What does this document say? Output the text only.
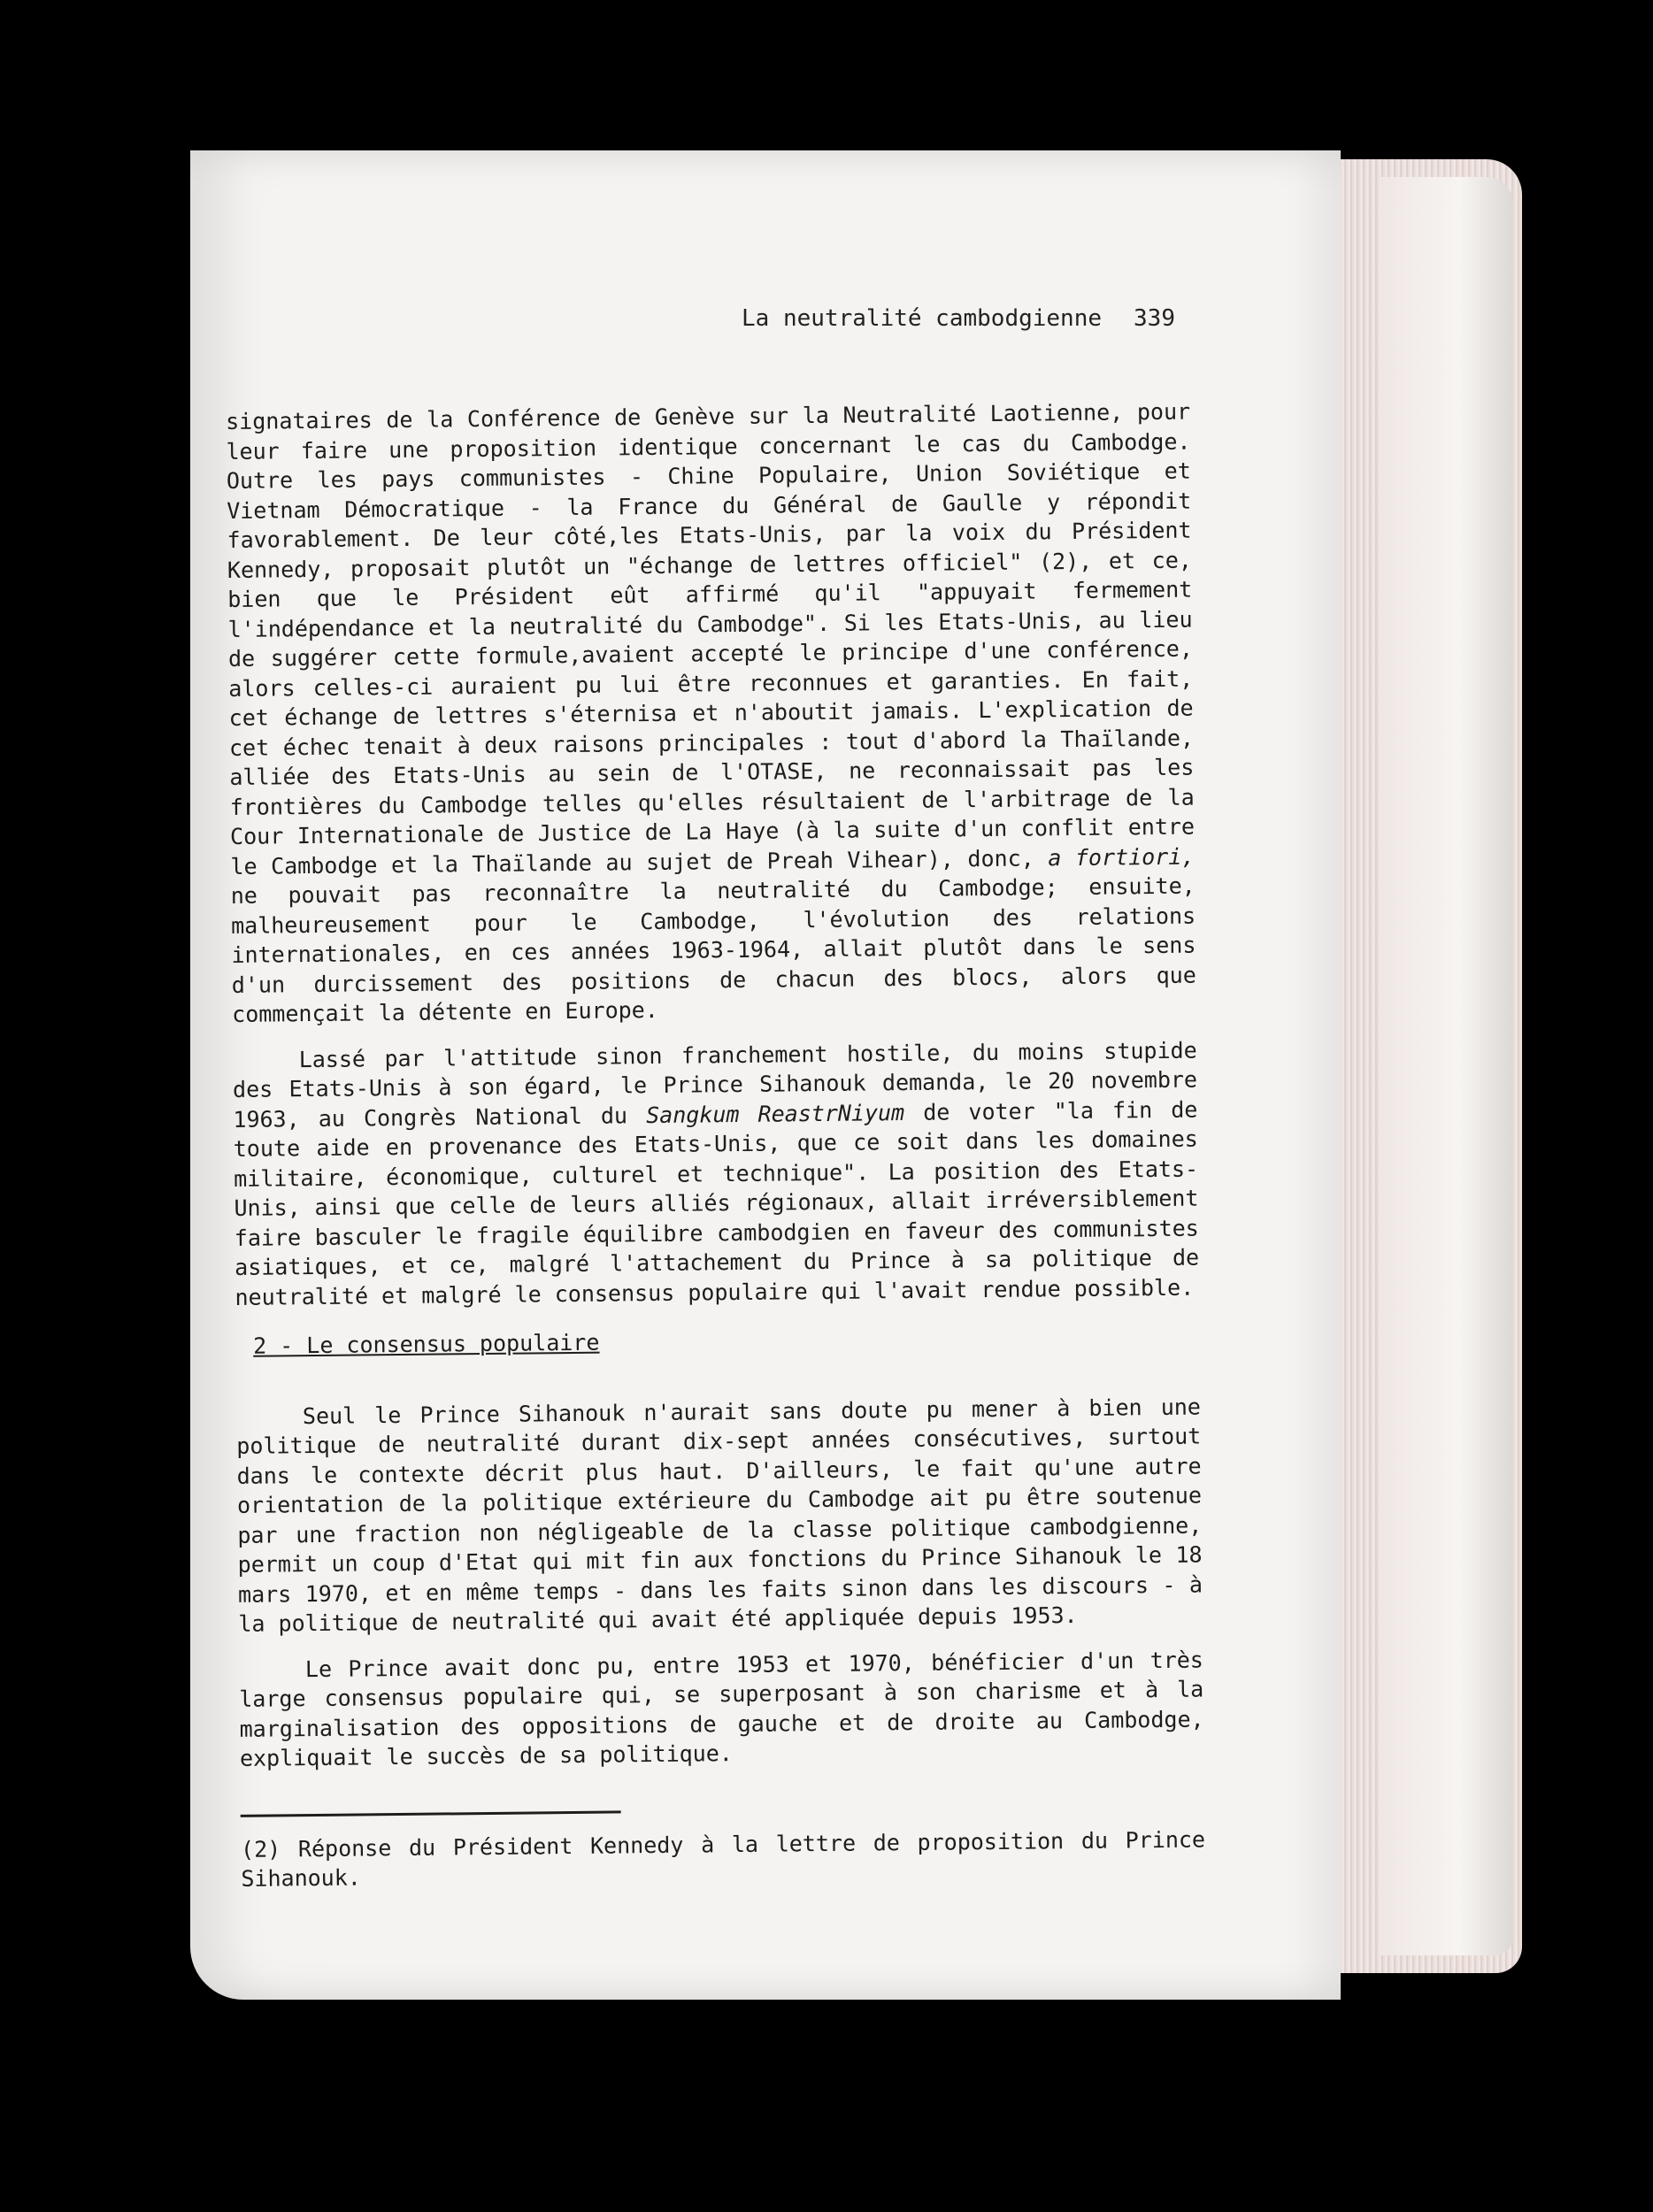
La neutralité cambodgienne 339

signataires de la Conférence de Genève sur la Neutralité Laotienne, pour leur faire une proposition identique concernant le cas du Cambodge. Outre les pays communistes - Chine Populaire, Union Soviétique et Vietnam Démocratique - la France du Général de Gaulle y répondit favorablement. De leur côté,les Etats-Unis, par la voix du Président Kennedy, proposait plutôt un "échange de lettres officiel" (2), et ce, bien que le Président eût affirmé qu'il "appuyait fermement l'indépendance et la neutralité du Cambodge". Si les Etats-Unis, au lieu de suggérer cette formule,avaient accepté le principe d'une conférence, alors celles-ci auraient pu lui être reconnues et garanties. En fait, cet échange de lettres s'éternisa et n'aboutit jamais. L'explication de cet échec tenait à deux raisons principales : tout d'abord la Thaïlande, alliée des Etats-Unis au sein de l'OTASE, ne reconnaissait pas les frontières du Cambodge telles qu'elles résultaient de l'arbitrage de la Cour Internationale de Justice de La Haye (à la suite d'un conflit entre le Cambodge et la Thaïlande au sujet de Preah Vihear), donc, a fortiori, ne pouvait pas reconnaître la neutralité du Cambodge; ensuite, malheureusement pour le Cambodge, l'évolution des relations internationales, en ces années 1963-1964, allait plutôt dans le sens d'un durcissement des positions de chacun des blocs, alors que commençait la détente en Europe.

Lassé par l'attitude sinon franchement hostile, du moins stupide des Etats-Unis à son égard, le Prince Sihanouk demanda, le 20 novembre 1963, au Congrès National du Sangkum ReastrNiyum de voter "la fin de toute aide en provenance des Etats-Unis, que ce soit dans les domaines militaire, économique, culturel et technique". La position des Etats-Unis, ainsi que celle de leurs alliés régionaux, allait irréversiblement faire basculer le fragile équilibre cambodgien en faveur des communistes asiatiques, et ce, malgré l'attachement du Prince à sa politique de neutralité et malgré le consensus populaire qui l'avait rendue possible.

2 - Le consensus populaire

Seul le Prince Sihanouk n'aurait sans doute pu mener à bien une politique de neutralité durant dix-sept années consécutives, surtout dans le contexte décrit plus haut. D'ailleurs, le fait qu'une autre orientation de la politique extérieure du Cambodge ait pu être soutenue par une fraction non négligeable de la classe politique cambodgienne, permit un coup d'Etat qui mit fin aux fonctions du Prince Sihanouk le 18 mars 1970, et en même temps - dans les faits sinon dans les discours - à la politique de neutralité qui avait été appliquée depuis 1953.

Le Prince avait donc pu, entre 1953 et 1970, bénéficier d'un très large consensus populaire qui, se superposant à son charisme et à la marginalisation des oppositions de gauche et de droite au Cambodge, expliquait le succès de sa politique.

(2) Réponse du Président Kennedy à la lettre de proposition du Prince Sihanouk.
